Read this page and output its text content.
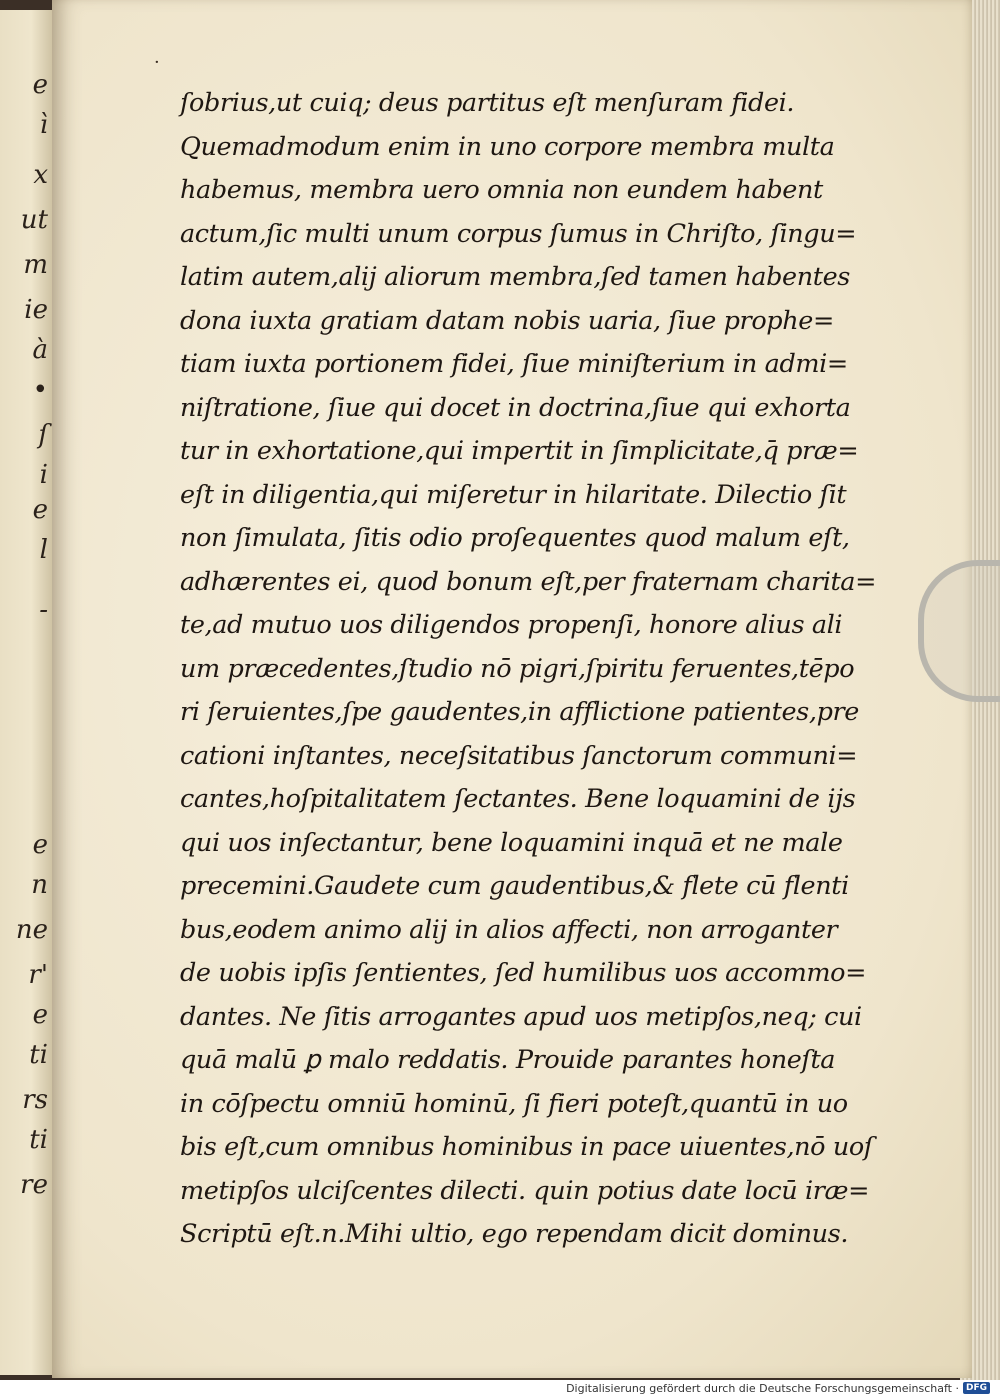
e
ì
x
ut
m
ie
à
•
ſ
i
e
l
-
e
n
ne
r'
e
ti
rs
ti
re
·
ſobrius,ut cuiq; deus partitus eſt menſuram fidei.
Quemadmodum enim in uno corpore membra multa
habemus, membra uero omnia non eundem habent
actum,ſic multi unum corpus ſumus in Chriſto, ſingu=
latim autem,alij aliorum membra,ſed tamen habentes
dona iuxta gratiam datam nobis uaria, ſiue prophe=
tiam iuxta portionem fidei, ſiue miniſterium in admi=
niſtratione, ſiue qui docet in doctrina,ſiue qui exhorta
tur in exhortatione,qui impertit in ſimplicitate,q̄ præ=
eſt in diligentia,qui miſeretur in hilaritate. Dilectio ſit
non ſimulata, ſitis odio proſequentes quod malum eſt,
adhærentes ei, quod bonum eſt,per fraternam charita=
te,ad mutuo uos diligendos propenſi, honore alius ali
um præcedentes,ſtudio nō pigri,ſpiritu feruentes,tēpo
ri ſeruientes,ſpe gaudentes,in afflictione patientes,pre
cationi inſtantes, neceſsitatibus ſanctorum communi=
cantes,hoſpitalitatem ſectantes. Bene loquamini de ijs
qui uos inſectantur, bene loquamini inquā et ne male
precemini.Gaudete cum gaudentibus,& flete cū flenti
bus,eodem animo alij in alios affecti, non arroganter
de uobis ipſis ſentientes, ſed humilibus uos accommo=
dantes. Ne ſitis arrogantes apud uos metipſos,neq; cui
quā malū ꝑ malo reddatis. Prouide parantes honeſta
in cōſpectu omniū hominū, ſi fieri poteſt,quantū in uo
bis eſt,cum omnibus hominibus in pace uiuentes,nō uoſ
metipſos ulciſcentes dilecti. quin potius date locū iræ=
Scriptū eſt.n.Mihi ultio, ego rependam dicit dominus.
Digitalisierung gefördert durch die Deutsche Forschungsgemeinschaft · DFG
